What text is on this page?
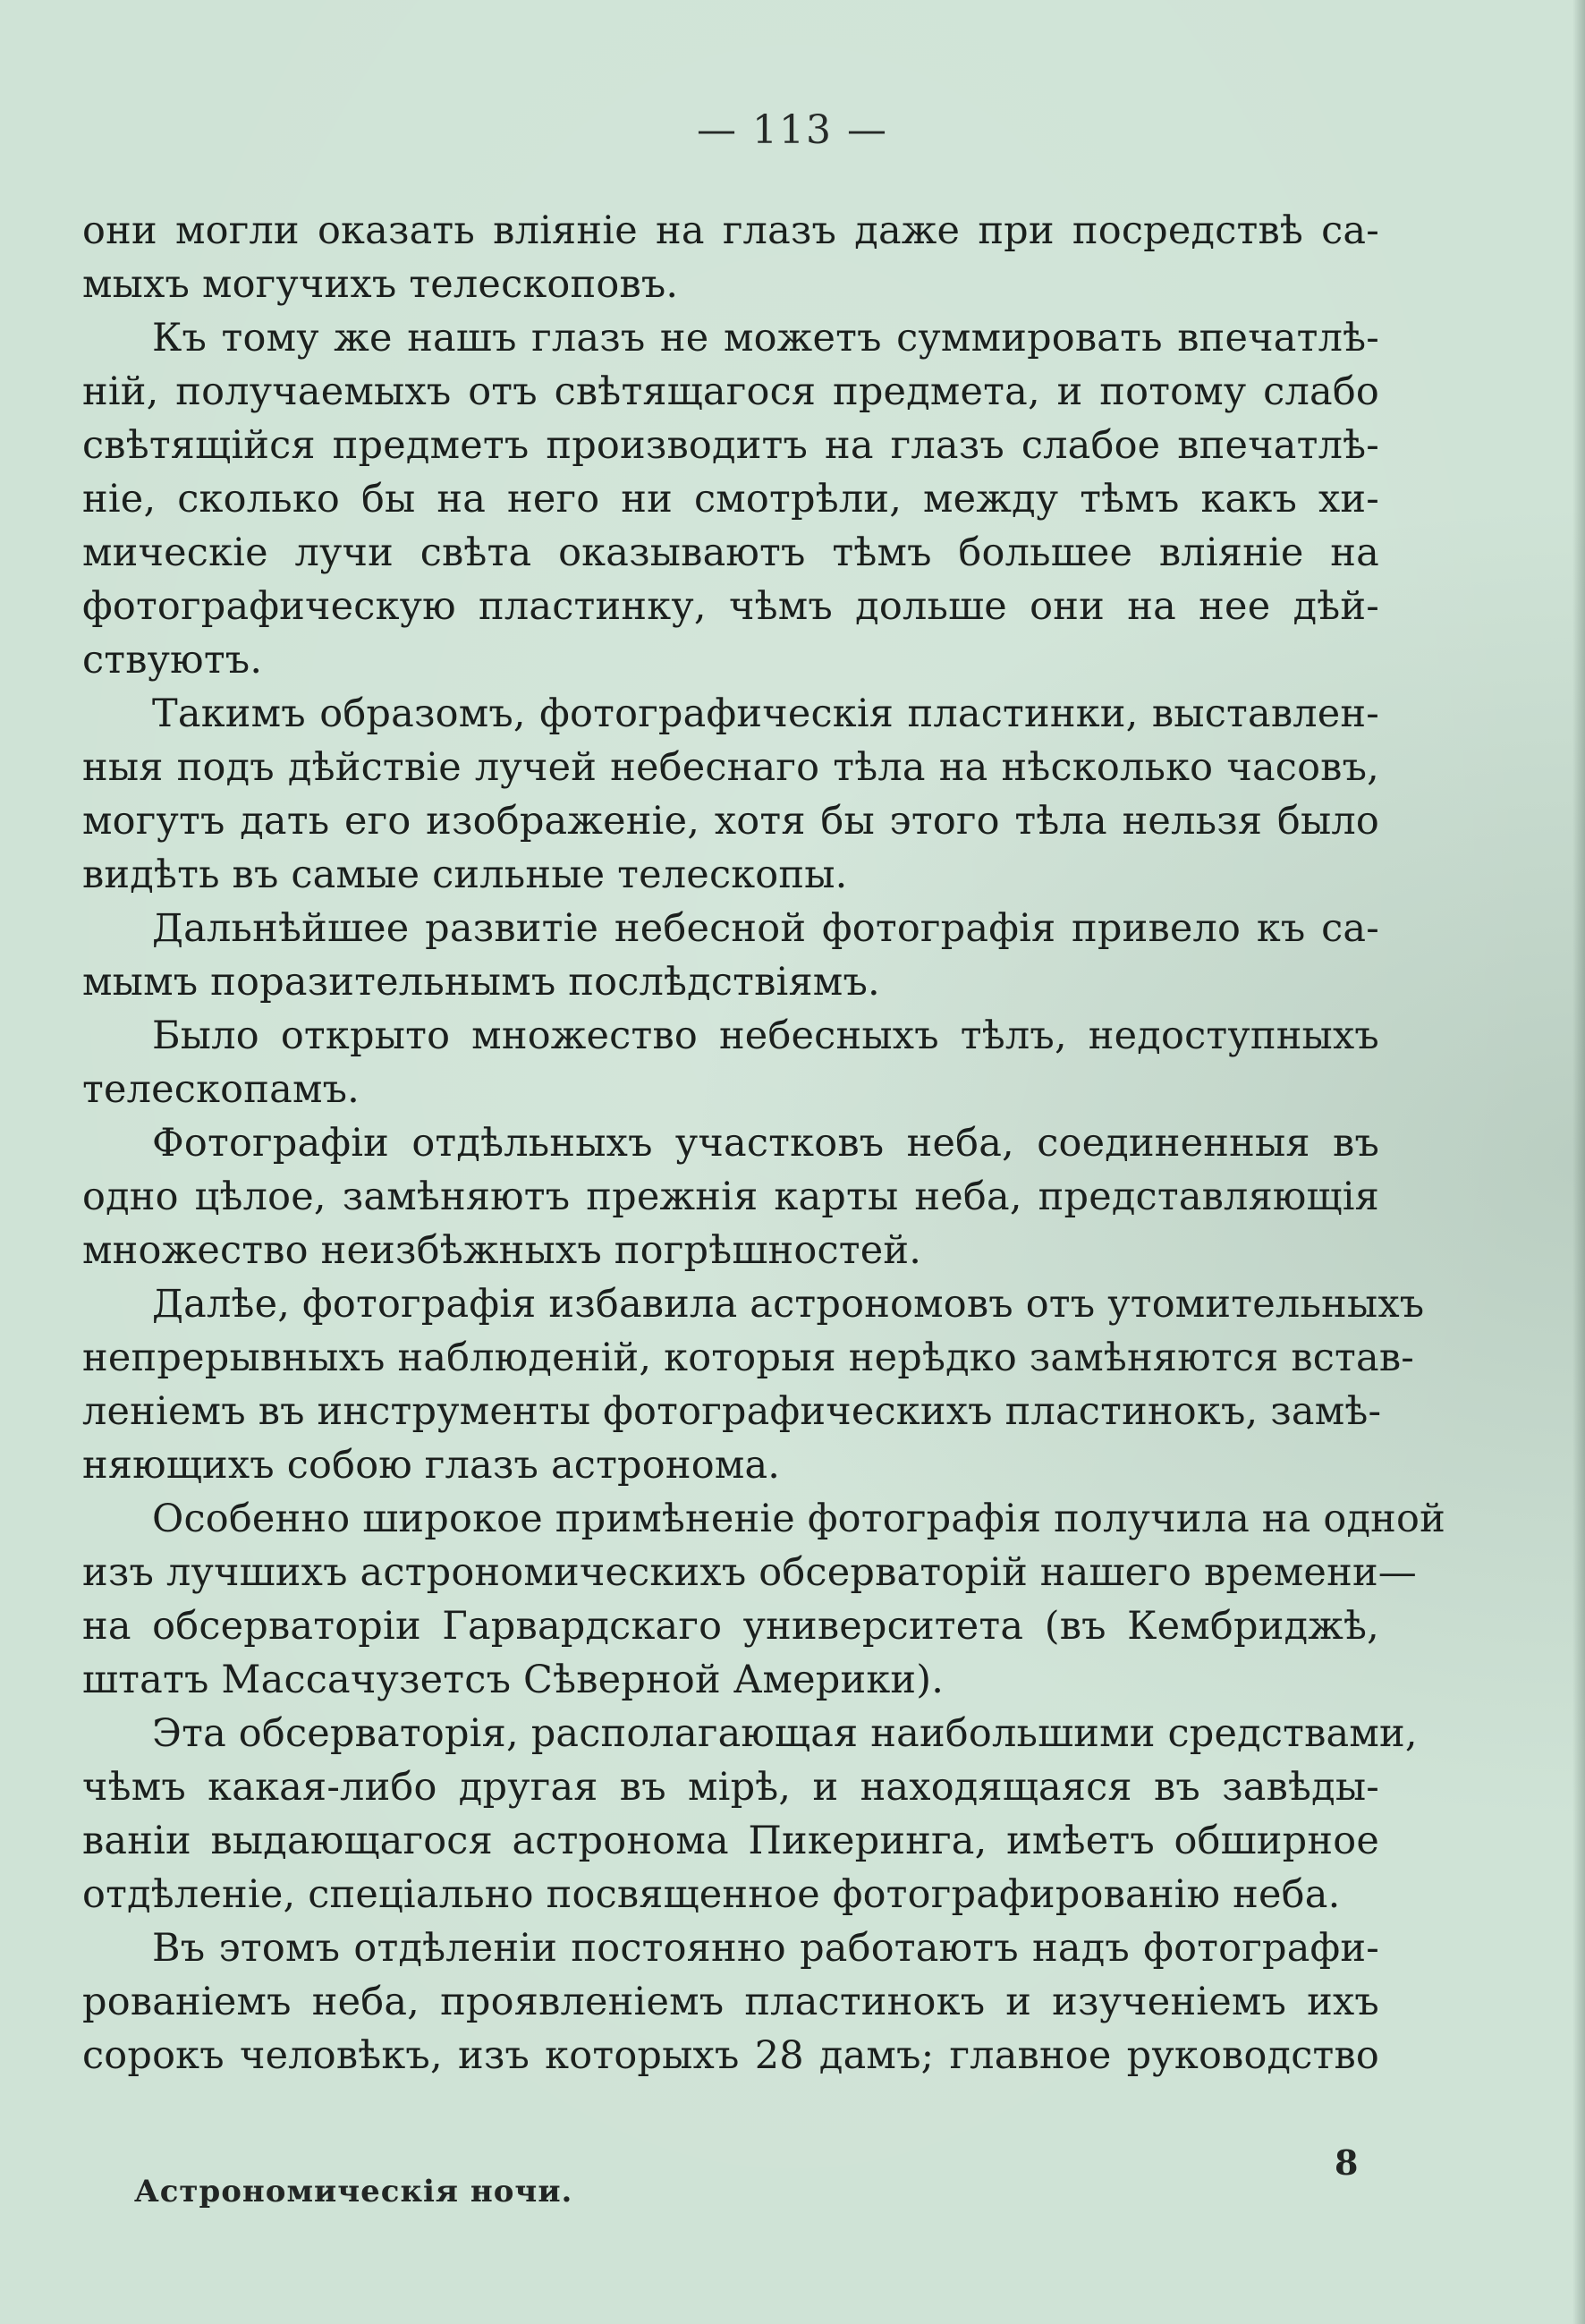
— 113 —
они могли оказать вліяніе на глазъ даже при посредствѣ са-
мыхъ могучихъ телескоповъ.
Къ тому же нашъ глазъ не можетъ суммировать впечатлѣ-
ній, получаемыхъ отъ свѣтящагося предмета, и потому слабо
свѣтящійся предметъ производитъ на глазъ слабое впечатлѣ-
ніе, сколько бы на него ни смотрѣли, между тѣмъ какъ хи-
мическіе лучи свѣта оказываютъ тѣмъ большее вліяніе на
фотографическую пластинку, чѣмъ дольше они на нее дѣй-
ствуютъ.
Такимъ образомъ, фотографическія пластинки, выставлен-
ныя подъ дѣйствіе лучей небеснаго тѣла на нѣсколько часовъ,
могутъ дать его изображеніе, хотя бы этого тѣла нельзя было
видѣть въ самые сильные телескопы.
Дальнѣйшее развитіе небесной фотографія привело къ са-
мымъ поразительнымъ послѣдствіямъ.
Было открыто множество небесныхъ тѣлъ, недоступныхъ
телескопамъ.
Фотографіи отдѣльныхъ участковъ неба, соединенныя въ
одно цѣлое, замѣняютъ прежнія карты неба, представляющія
множество неизбѣжныхъ погрѣшностей.
Далѣе, фотографія избавила астрономовъ отъ утомительныхъ
непрерывныхъ наблюденій, которыя нерѣдко замѣняются встав-
леніемъ въ инструменты фотографическихъ пластинокъ, замѣ-
няющихъ собою глазъ астронома.
Особенно широкое примѣненіе фотографія получила на одной
изъ лучшихъ астрономическихъ обсерваторій нашего времени—
на обсерваторіи Гарвардскаго университета (въ Кембриджѣ,
штатъ Массачузетсъ Сѣверной Америки).
Эта обсерваторія, располагающая наибольшими средствами,
чѣмъ какая-либо другая въ мірѣ, и находящаяся въ завѣды-
ваніи выдающагося астронома Пикеринга, имѣетъ обширное
отдѣленіе, спеціально посвященное фотографированію неба.
Въ этомъ отдѣленіи постоянно работаютъ надъ фотографи-
рованіемъ неба, проявленіемъ пластинокъ и изученіемъ ихъ
сорокъ человѣкъ, изъ которыхъ 28 дамъ; главное руководство
Астрономическія ночи.
8
